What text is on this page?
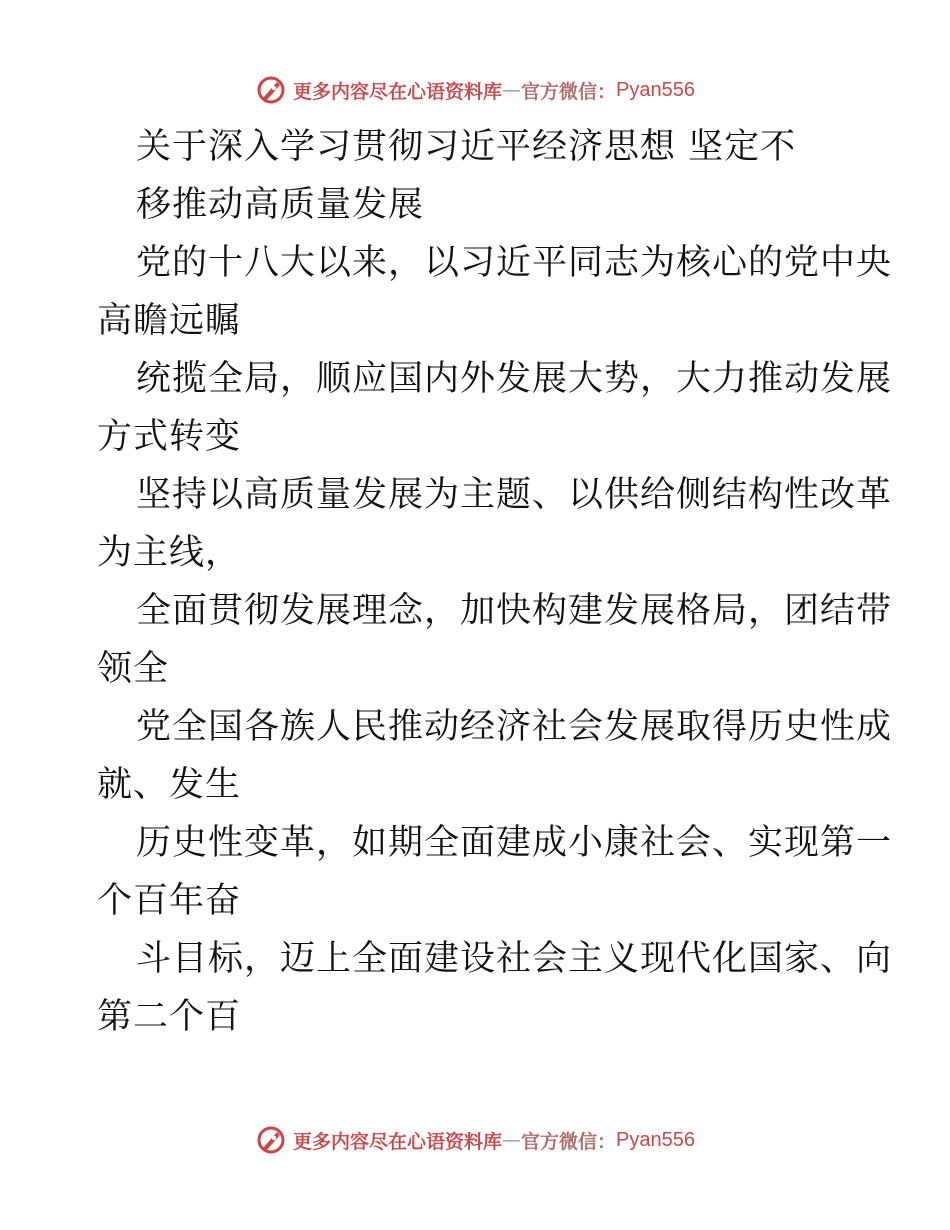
更多内容尽在心语资料库 — 官方微信： Pyan556
关于深入学习贯彻习近平经济思想 坚定不
移推动高质量发展
党的十八大以来，以习近平同志为核心的党中央
高瞻远瞩
统揽全局，顺应国内外发展大势，大力推动发展
方式转变
坚持以高质量发展为主题、以供给侧结构性改革
为主线，
全面贯彻发展理念，加快构建发展格局，团结带
领全
党全国各族人民推动经济社会发展取得历史性成
就、发生
历史性变革，如期全面建成小康社会、实现第一
个百年奋
斗目标，迈上全面建设社会主义现代化国家、向
第二个百
更多内容尽在心语资料库 — 官方微信： Pyan556
